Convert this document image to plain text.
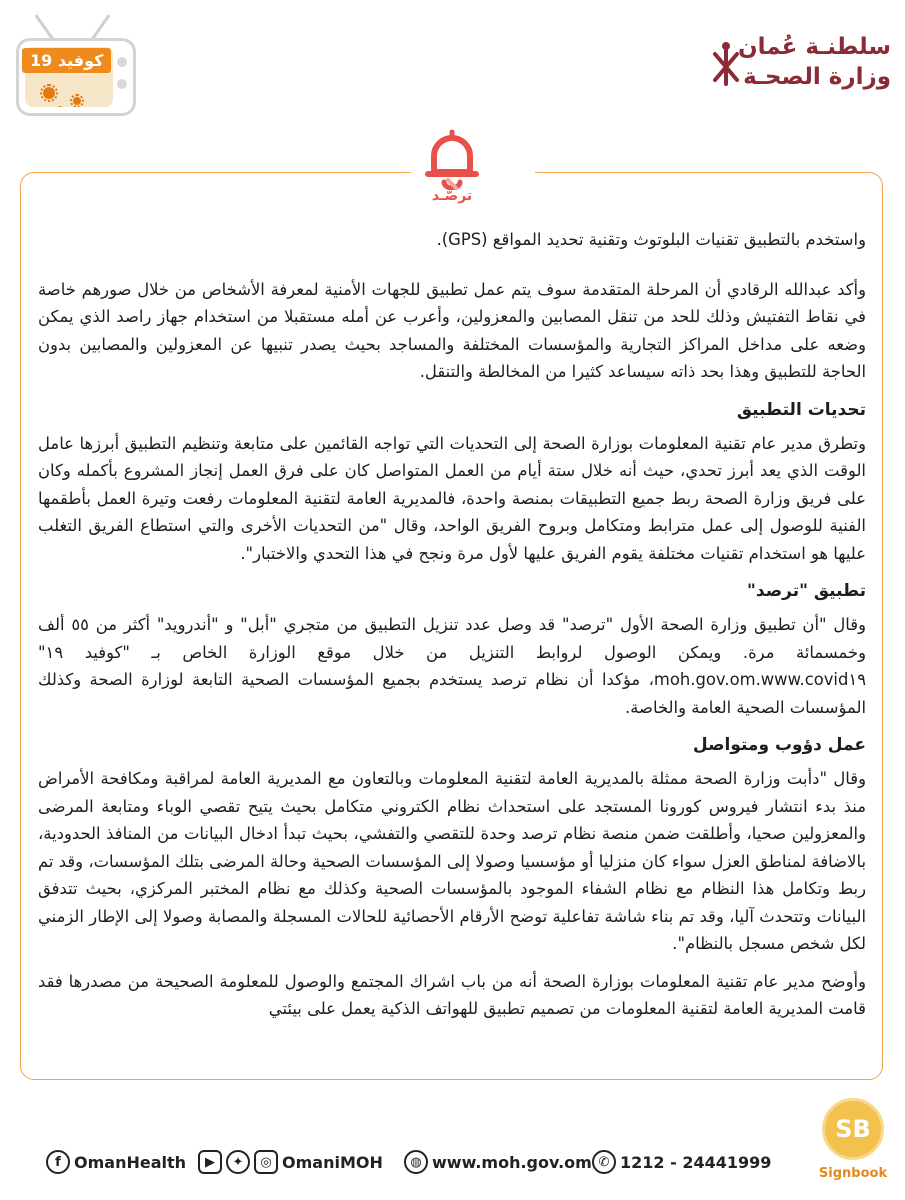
كوفيد 19
سلطنـة عُمان
وزارة الصحـة
ترصّـد

واستخدم بالتطبيق تقنيات البلوتوث وتقنية تحديد المواقع (GPS).

وأكد عبدالله الرقادي أن المرحلة المتقدمة سوف يتم عمل تطبيق للجهات الأمنية لمعرفة الأشخاص من خلال صورهم خاصة في نقاط التفتيش وذلك للحد من تنقل المصابين والمعزولين، وأعرب عن أمله مستقبلا من استخدام جهاز راصد الذي يمكن وضعه على مداخل المراكز التجارية والمؤسسات المختلفة والمساجد بحيث يصدر تنبيها عن المعزولين والمصابين بدون الحاجة للتطبيق وهذا بحد ذاته سيساعد كثيرا من المخالطة والتنقل.

تحديات التطبيق

وتطرق مدير عام تقنية المعلومات بوزارة الصحة إلى التحديات التي تواجه القائمين على متابعة وتنظيم التطبيق أبرزها عامل الوقت الذي يعد أبرز تحدي، حيث أنه خلال ستة أيام من العمل المتواصل كان على فرق العمل إنجاز المشروع بأكمله وكان على فريق وزارة الصحة ربط جميع التطبيقات بمنصة واحدة، فالمديرية العامة لتقنية المعلومات رفعت وتيرة العمل بأطقمها الفنية للوصول إلى عمل مترابط ومتكامل وبروح الفريق الواحد، وقال "من التحديات الأخرى والتي استطاع الفريق التغلب عليها هو استخدام تقنيات مختلفة يقوم الفريق عليها لأول مرة ونجح في هذا التحدي والاختبار".

تطبيق "ترصد"

وقال "أن تطبيق وزارة الصحة الأول "ترصد" قد وصل عدد تنزيل التطبيق من متجري "أبل" و "أندرويد" أكثر من ٥٥ ألف وخمسمائة مرة. ويمكن الوصول لروابط التنزيل من خلال موقع الوزارة الخاص بـ "كوفيد ١٩" moh.gov.om.www.covid١٩، مؤكدا أن نظام ترصد يستخدم بجميع المؤسسات الصحية التابعة لوزارة الصحة وكذلك المؤسسات الصحية العامة والخاصة.

عمل دؤوب ومتواصل

وقال "دأبت وزارة الصحة ممثلة بالمديرية العامة لتقنية المعلومات وبالتعاون مع المديرية العامة لمراقبة ومكافحة الأمراض منذ بدء انتشار فيروس كورونا المستجد على استحداث نظام الكتروني متكامل بحيث يتيح تقصي الوباء ومتابعة المرضى والمعزولين صحيا، وأطلقت ضمن منصة نظام ترصد وحدة للتقصي والتفشي، بحيث تبدأ ادخال البيانات من المنافذ الحدودية، بالاضافة لمناطق العزل سواء كان منزليا أو مؤسسيا وصولا إلى المؤسسات الصحية وحالة المرضى بتلك المؤسسات، وقد تم ربط وتكامل هذا النظام مع نظام الشفاء الموجود بالمؤسسات الصحية وكذلك مع نظام المختبر المركزي، بحيث تتدفق البيانات وتتحدث آليا، وقد تم بناء شاشة تفاعلية توضح الأرقام الأحصائية للحالات المسجلة والمصابة وصولا إلى الإطار الزمني لكل شخص مسجل بالنظام".

وأوضح مدير عام تقنية المعلومات بوزارة الصحة أنه من باب اشراك المجتمع والوصول للمعلومة الصحيحة من مصدرها فقد قامت المديرية العامة لتقنية المعلومات من تصميم تطبيق للهواتف الذكية يعمل على بيئتي

f OmanHealth	▶	✦	◎ OmaniMOH	◍ www.moh.gov.om ✆ 1212 - 24441999
SB
Signbook
